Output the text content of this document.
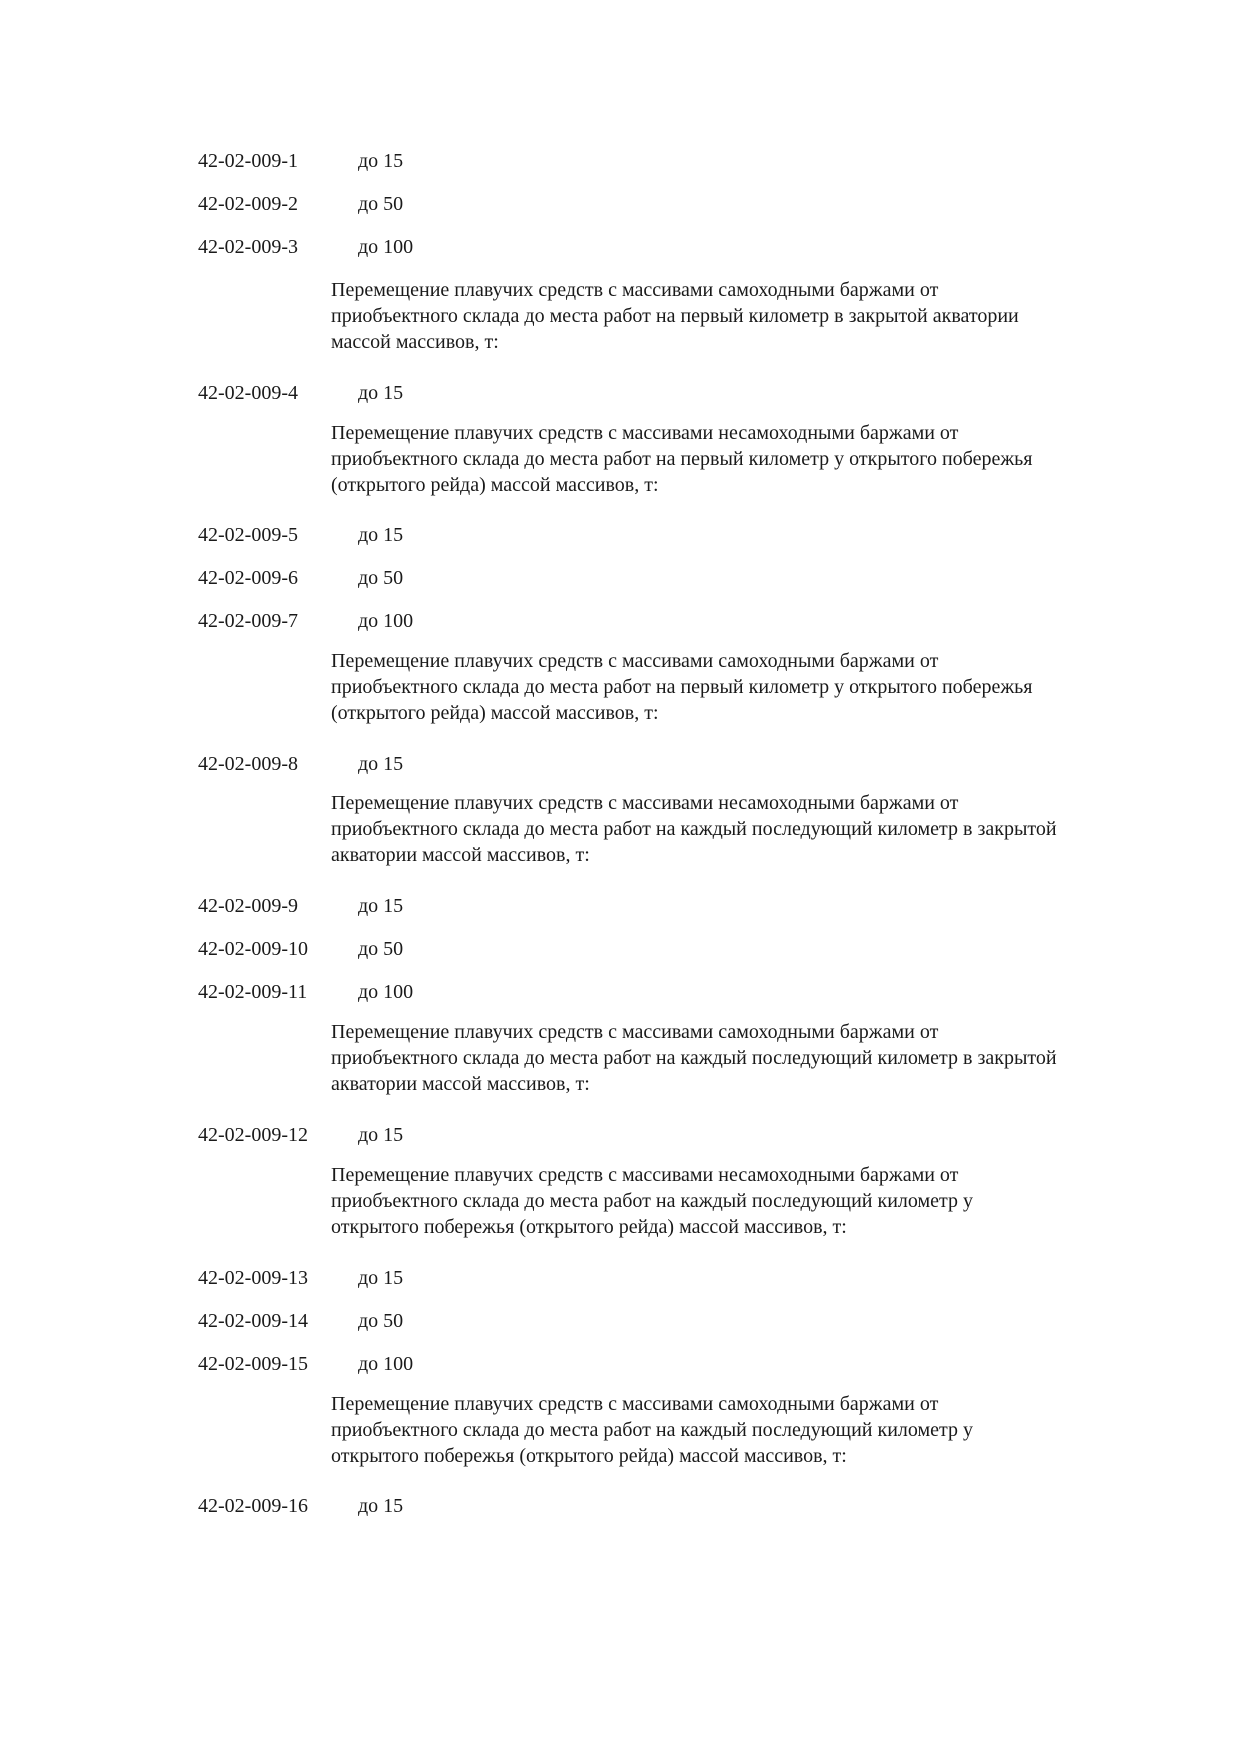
42-02-009-1	до 15
42-02-009-2	до 50
42-02-009-3	до 100
Перемещение плавучих средств с массивами самоходными баржами от приобъектного склада до места работ на первый километр в закрытой акватории массой массивов, т:
42-02-009-4	до 15
Перемещение плавучих средств с массивами несамоходными баржами от приобъектного склада до места работ на первый километр у открытого побережья (открытого рейда) массой массивов, т:
42-02-009-5	до 15
42-02-009-6	до 50
42-02-009-7	до 100
Перемещение плавучих средств с массивами самоходными баржами от приобъектного склада до места работ на первый километр у открытого побережья (открытого рейда) массой массивов, т:
42-02-009-8	до 15
Перемещение плавучих средств с массивами несамоходными баржами от приобъектного склада до места работ на каждый последующий километр в закрытой акватории массой массивов, т:
42-02-009-9	до 15
42-02-009-10	до 50
42-02-009-11	до 100
Перемещение плавучих средств с массивами самоходными баржами от приобъектного склада до места работ на каждый последующий километр в закрытой акватории массой массивов, т:
42-02-009-12	до 15
Перемещение плавучих средств с массивами несамоходными баржами от приобъектного склада до места работ на каждый последующий километр у открытого побережья (открытого рейда) массой массивов, т:
42-02-009-13	до 15
42-02-009-14	до 50
42-02-009-15	до 100
Перемещение плавучих средств с массивами самоходными баржами от приобъектного склада до места работ на каждый последующий километр у открытого побережья (открытого рейда) массой массивов, т:
42-02-009-16	до 15
